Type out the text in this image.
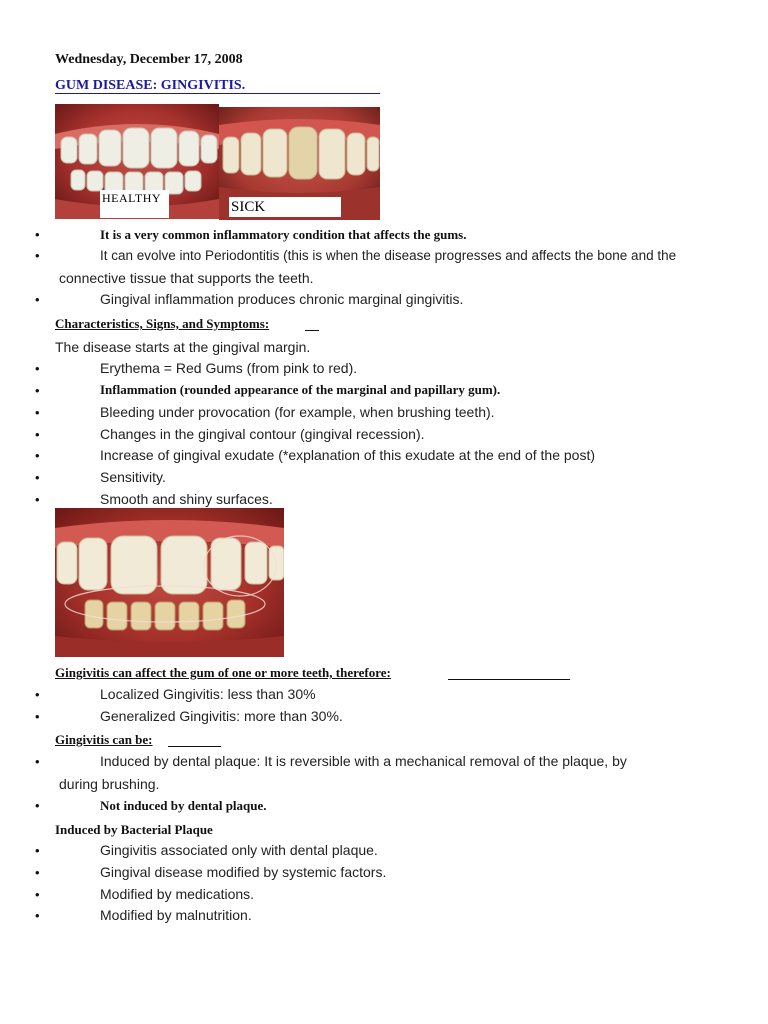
Wednesday, December 17, 2008
GUM DISEASE: GINGIVITIS.
HEALTHY
SICK
•	It is a very common inflammatory condition that affects the gums.
•	It can evolve into Periodontitis (this is when the disease progresses and affects the bone and the
connective tissue that supports the teeth.
•	Gingival inflammation produces chronic marginal gingivitis.
Characteristics, Signs, and Symptoms:
The disease starts at the gingival margin.
•	Erythema = Red Gums (from pink to red).
•	Inflammation (rounded appearance of the marginal and papillary gum).
•	Bleeding under provocation (for example, when brushing teeth).
•	Changes in the gingival contour (gingival recession).
•	Increase of gingival exudate (*explanation of this exudate at the end of the post)
•	Sensitivity.
•	Smooth and shiny surfaces.
Gingivitis can affect the gum of one or more teeth, therefore:
•	Localized Gingivitis: less than 30%
•	Generalized Gingivitis: more than 30%.
Gingivitis can be:
•	Induced by dental plaque: It is reversible with a mechanical removal of the plaque, by
during brushing.
•	Not induced by dental plaque.
Induced by Bacterial Plaque
•	Gingivitis associated only with dental plaque.
•	Gingival disease modified by systemic factors.
•	Modified by medications.
•	Modified by malnutrition.
